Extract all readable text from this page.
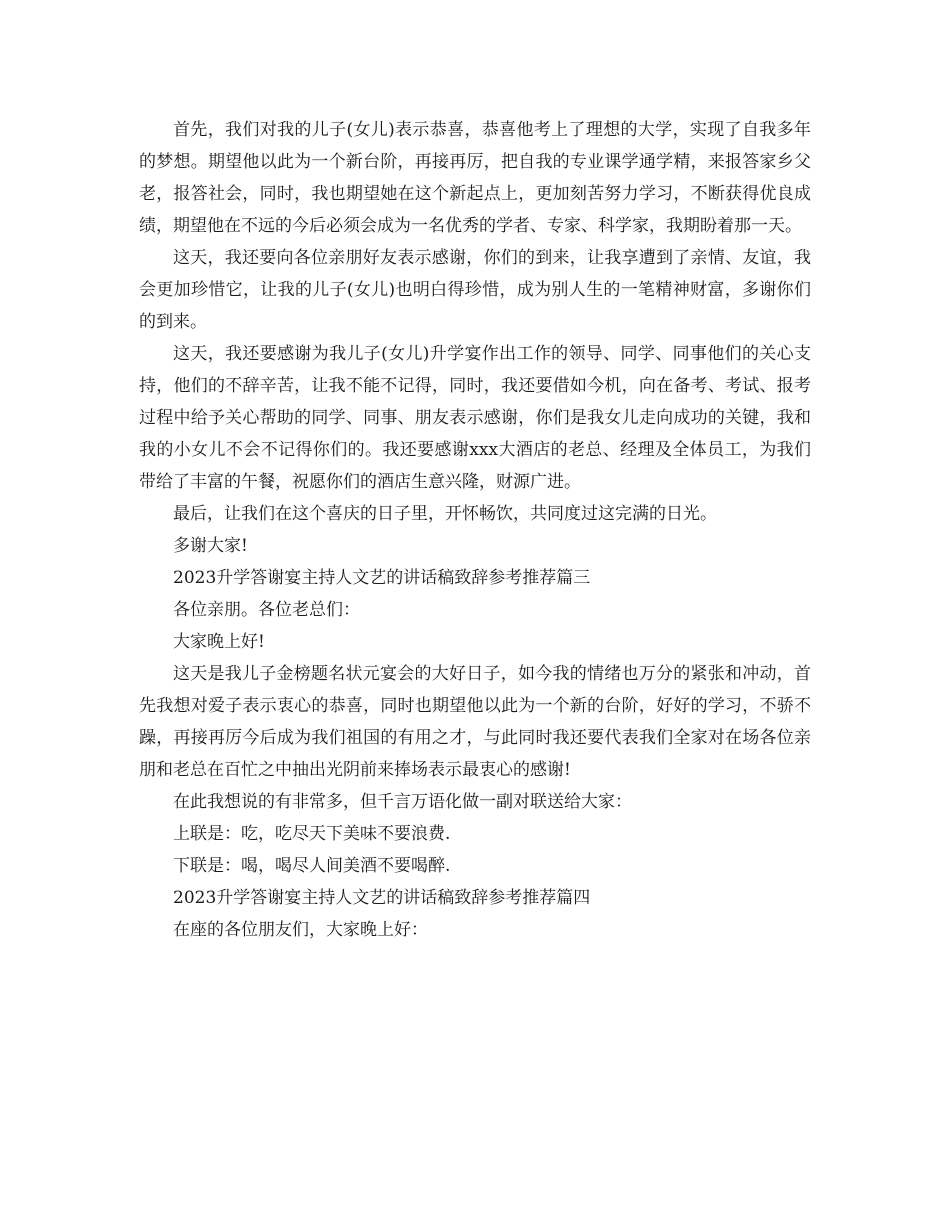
首先，我们对我的儿子(女儿)表示恭喜，恭喜他考上了理想的大学，实现了自我多年的梦想。期望他以此为一个新台阶，再接再厉，把自我的专业课学通学精，来报答家乡父老，报答社会，同时，我也期望她在这个新起点上，更加刻苦努力学习，不断获得优良成绩，期望他在不远的今后必须会成为一名优秀的学者、专家、科学家，我期盼着那一天。

这天，我还要向各位亲朋好友表示感谢，你们的到来，让我享遭到了亲情、友谊，我会更加珍惜它，让我的儿子(女儿)也明白得珍惜，成为别人生的一笔精神财富，多谢你们的到来。

这天，我还要感谢为我儿子(女儿)升学宴作出工作的领导、同学、同事他们的关心支持，他们的不辞辛苦，让我不能不记得，同时，我还要借如今机，向在备考、考试、报考过程中给予关心帮助的同学、同事、朋友表示感谢，你们是我女儿走向成功的关键，我和我的小女儿不会不记得你们的。我还要感谢xxx大酒店的老总、经理及全体员工，为我们带给了丰富的午餐，祝愿你们的酒店生意兴隆，财源广进。

最后，让我们在这个喜庆的日子里，开怀畅饮，共同度过这完满的日光。

多谢大家!

2023升学答谢宴主持人文艺的讲话稿致辞参考推荐篇三

各位亲朋。各位老总们：

大家晚上好!

这天是我儿子金榜题名状元宴会的大好日子，如今我的情绪也万分的紧张和冲动，首先我想对爱子表示衷心的恭喜，同时也期望他以此为一个新的台阶，好好的学习，不骄不躁，再接再厉今后成为我们祖国的有用之才，与此同时我还要代表我们全家对在场各位亲朋和老总在百忙之中抽出光阴前来捧场表示最衷心的感谢!

在此我想说的有非常多，但千言万语化做一副对联送给大家：

上联是：吃，吃尽天下美味不要浪费.

下联是：喝，喝尽人间美酒不要喝醉.

2023升学答谢宴主持人文艺的讲话稿致辞参考推荐篇四

在座的各位朋友们，大家晚上好：
